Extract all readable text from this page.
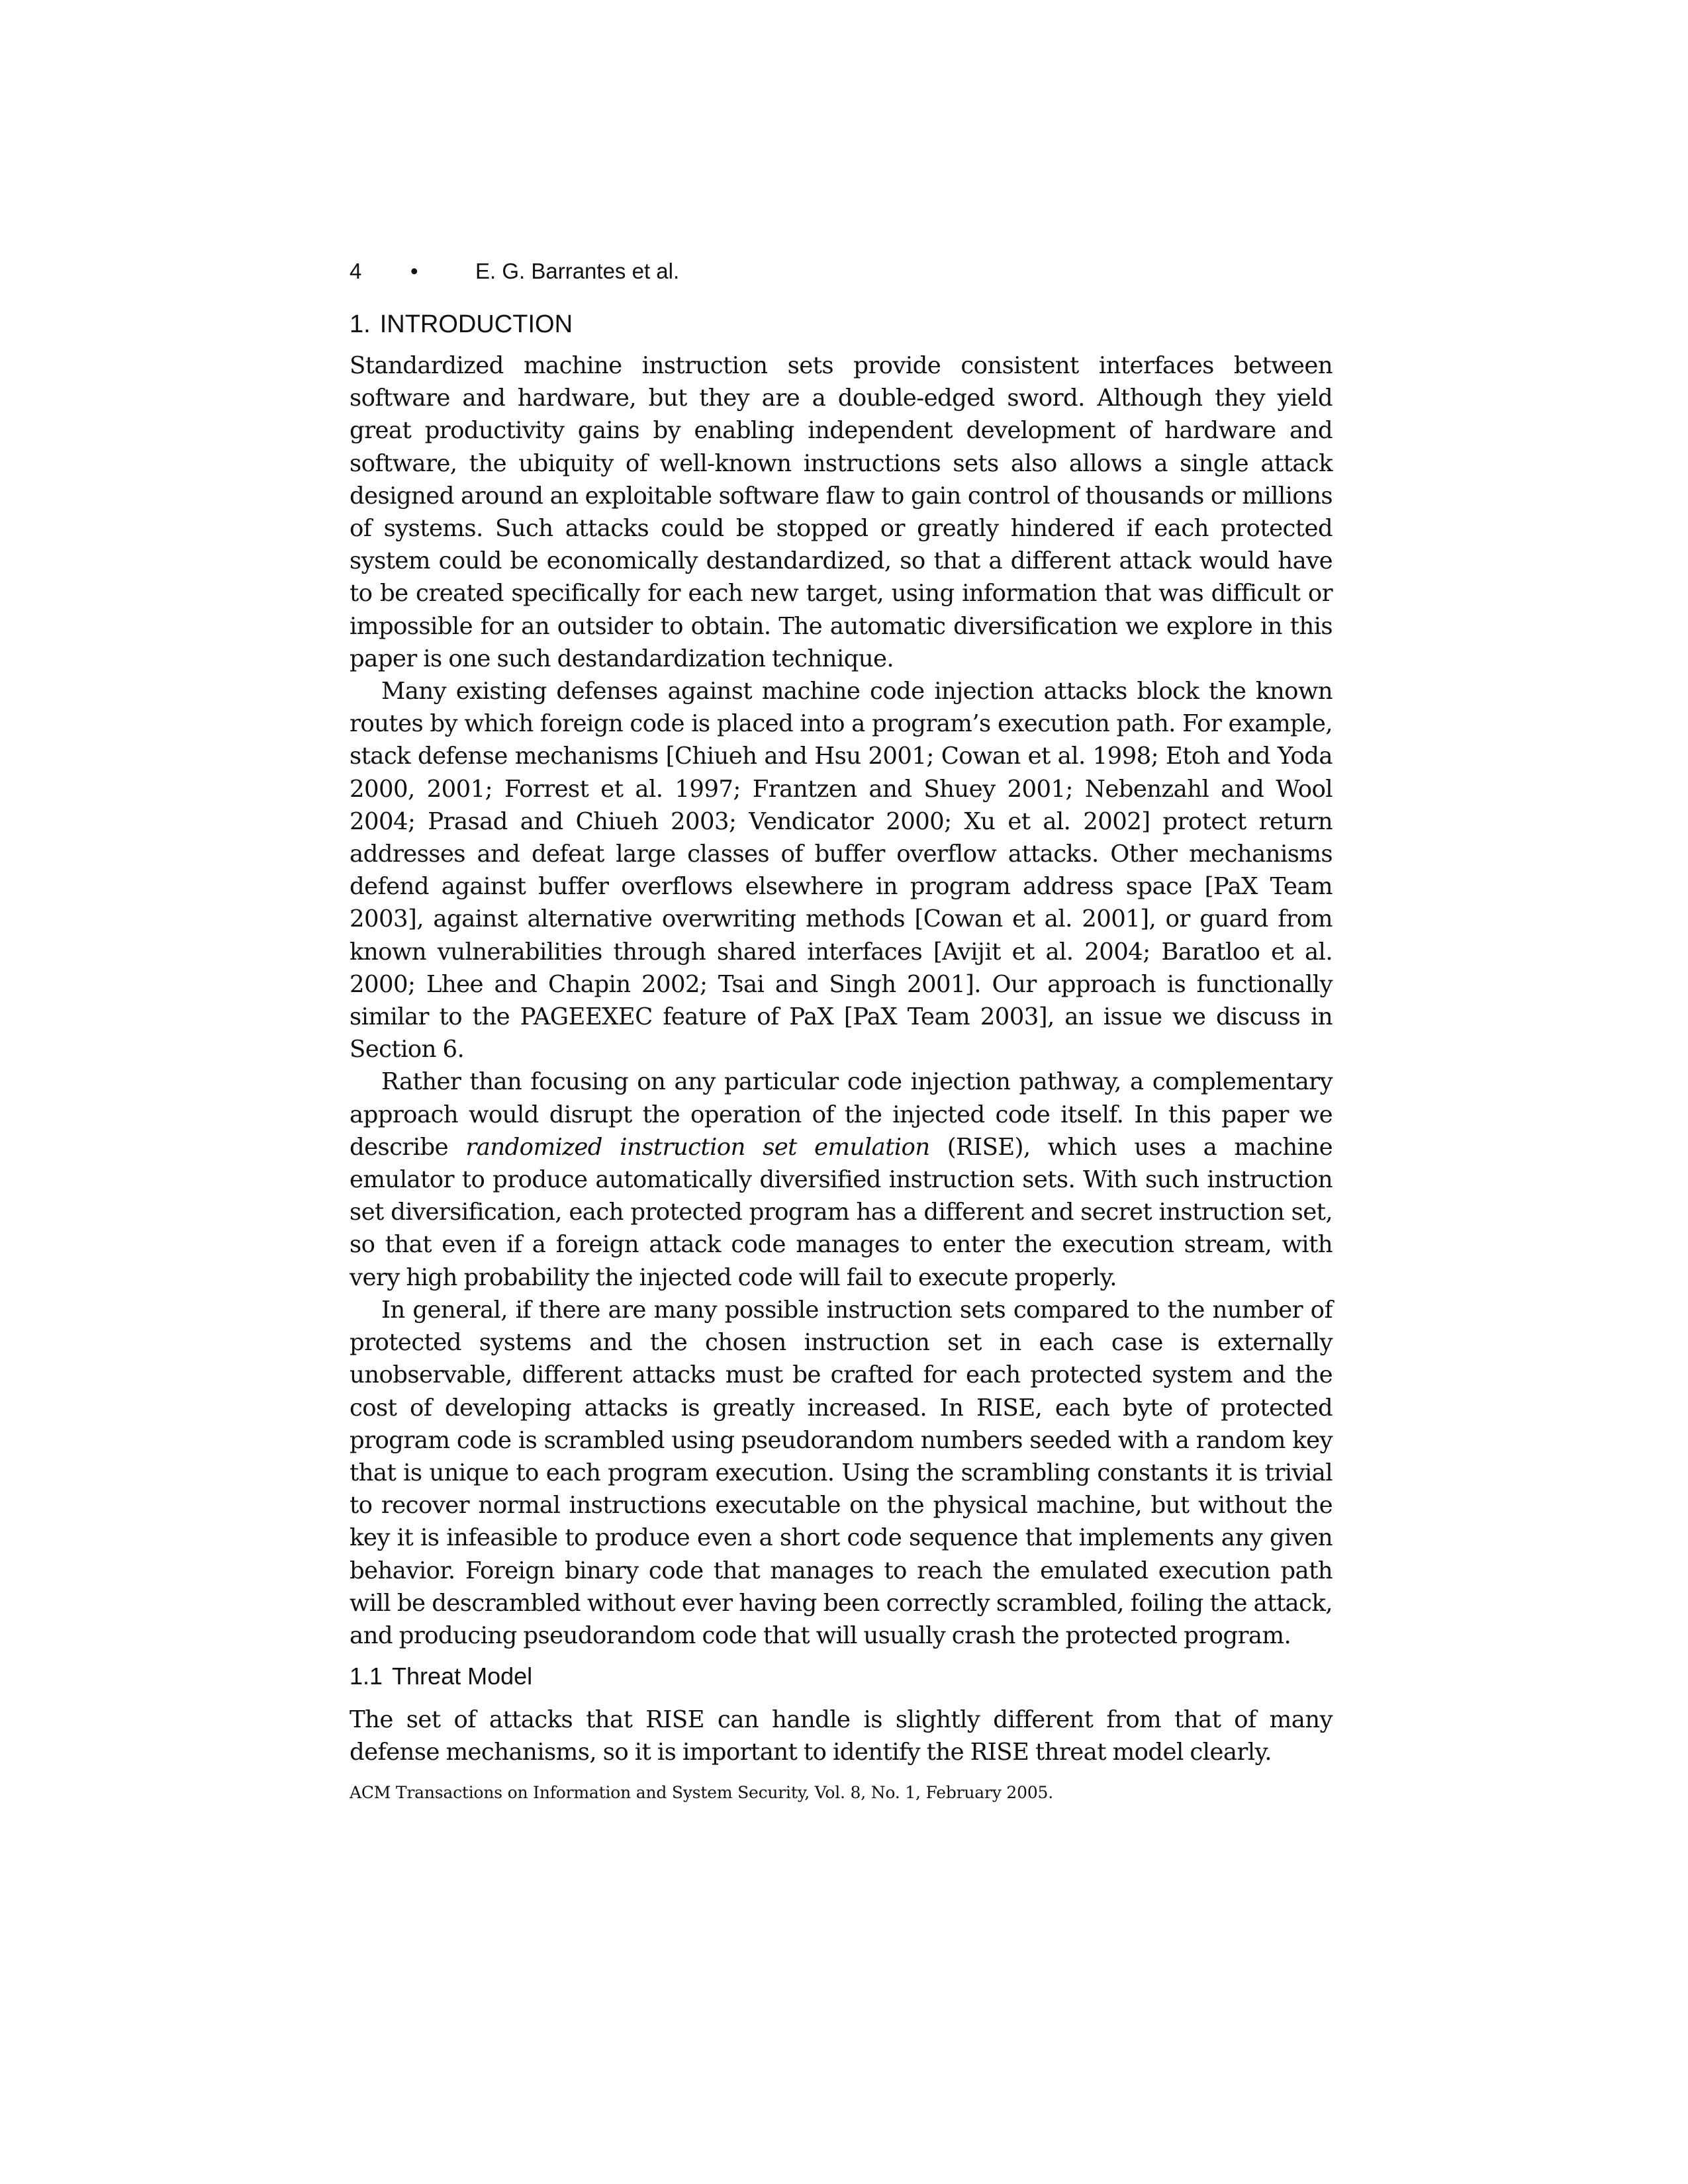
4 •	E. G. Barrantes et al.
1. INTRODUCTION

Standardized machine instruction sets provide consistent interfaces between software and hardware, but they are a double-edged sword. Although they yield great productivity gains by enabling independent development of hardware and software, the ubiquity of well-known instructions sets also allows a single attack designed around an exploitable software flaw to gain control of thousands or millions of systems. Such attacks could be stopped or greatly hindered if each protected system could be economically destandardized, so that a different attack would have to be created specifically for each new target, using information that was difficult or impossible for an outsider to obtain. The automatic diversification we explore in this paper is one such destandardization technique.

Many existing defenses against machine code injection attacks block the known routes by which foreign code is placed into a program’s execution path. For example, stack defense mechanisms [Chiueh and Hsu 2001; Cowan et al. 1998; Etoh and Yoda 2000, 2001; Forrest et al. 1997; Frantzen and Shuey 2001; Nebenzahl and Wool 2004; Prasad and Chiueh 2003; Vendicator 2000; Xu et al. 2002] protect return addresses and defeat large classes of buffer overflow attacks. Other mechanisms defend against buffer overflows elsewhere in program address space [PaX Team 2003], against alternative overwriting methods [Cowan et al. 2001], or guard from known vulnerabilities through shared interfaces [Avijit et al. 2004; Baratloo et al. 2000; Lhee and Chapin 2002; Tsai and Singh 2001]. Our approach is functionally similar to the PAGEEXEC feature of PaX [PaX Team 2003], an issue we discuss in Section 6.

Rather than focusing on any particular code injection pathway, a complementary approach would disrupt the operation of the injected code itself. In this paper we describe randomized instruction set emulation (RISE), which uses a machine emulator to produce automatically diversified instruction sets. With such instruction set diversification, each protected program has a different and secret instruction set, so that even if a foreign attack code manages to enter the execution stream, with very high probability the injected code will fail to execute properly.

In general, if there are many possible instruction sets compared to the number of protected systems and the chosen instruction set in each case is externally unobservable, different attacks must be crafted for each protected system and the cost of developing attacks is greatly increased. In RISE, each byte of protected program code is scrambled using pseudorandom numbers seeded with a random key that is unique to each program execution. Using the scrambling constants it is trivial to recover normal instructions executable on the physical machine, but without the key it is infeasible to produce even a short code sequence that implements any given behavior. Foreign binary code that manages to reach the emulated execution path will be descrambled without ever having been correctly scrambled, foiling the attack, and producing pseudorandom code that will usually crash the protected program.

1.1 Threat Model

The set of attacks that RISE can handle is slightly different from that of many defense mechanisms, so it is important to identify the RISE threat model clearly.

ACM Transactions on Information and System Security, Vol. 8, No. 1, February 2005.
